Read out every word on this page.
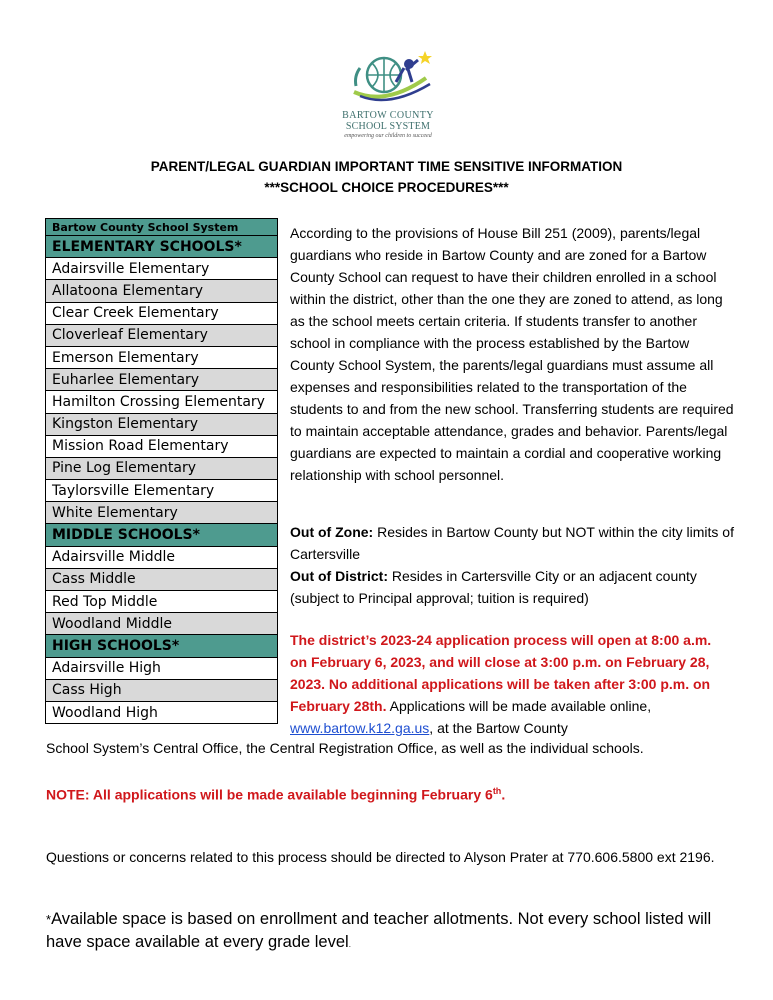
BARTOW COUNTY
SCHOOL SYSTEM
empowering our children to succeed
PARENT/LEGAL GUARDIAN IMPORTANT TIME SENSITIVE INFORMATION
***SCHOOL CHOICE PROCEDURES***
Bartow County School System
ELEMENTARY SCHOOLS*
Adairsville Elementary
Allatoona Elementary
Clear Creek Elementary
Cloverleaf Elementary
Emerson Elementary
Euharlee Elementary
Hamilton Crossing Elementary
Kingston Elementary
Mission Road Elementary
Pine Log Elementary
Taylorsville Elementary
White Elementary
MIDDLE SCHOOLS*
Adairsville Middle
Cass Middle
Red Top Middle
Woodland Middle
HIGH SCHOOLS*
Adairsville High
Cass High
Woodland High
According to the provisions of House Bill 251 (2009), parents/legal guardians who reside in Bartow County and are zoned for a Bartow County School can request to have their children enrolled in a school within the district, other than the one they are zoned to attend, as long as the school meets certain criteria. If students transfer to another school in compliance with the process established by the Bartow County School System, the parents/legal guardians must assume all expenses and responsibilities related to the transportation of the students to and from the new school. Transferring students are required to maintain acceptable attendance, grades and behavior. Parents/legal guardians are expected to maintain a cordial and cooperative working relationship with school personnel.
Out of Zone: Resides in Bartow County but NOT within the city limits of Cartersville
Out of District: Resides in Cartersville City or an adjacent county (subject to Principal approval; tuition is required)
The district’s 2023-24 application process will open at 8:00 a.m. on February 6, 2023, and will close at 3:00 p.m. on February 28, 2023. No additional applications will be taken after 3:00 p.m. on February 28th. Applications will be made available online, www.bartow.k12.ga.us, at the Bartow County
School System’s Central Office, the Central Registration Office, as well as the individual schools.
NOTE: All applications will be made available beginning February 6th.
Questions or concerns related to this process should be directed to Alyson Prater at 770.606.5800 ext 2196.
*Available space is based on enrollment and teacher allotments. Not every school listed will have space available at every grade level.
